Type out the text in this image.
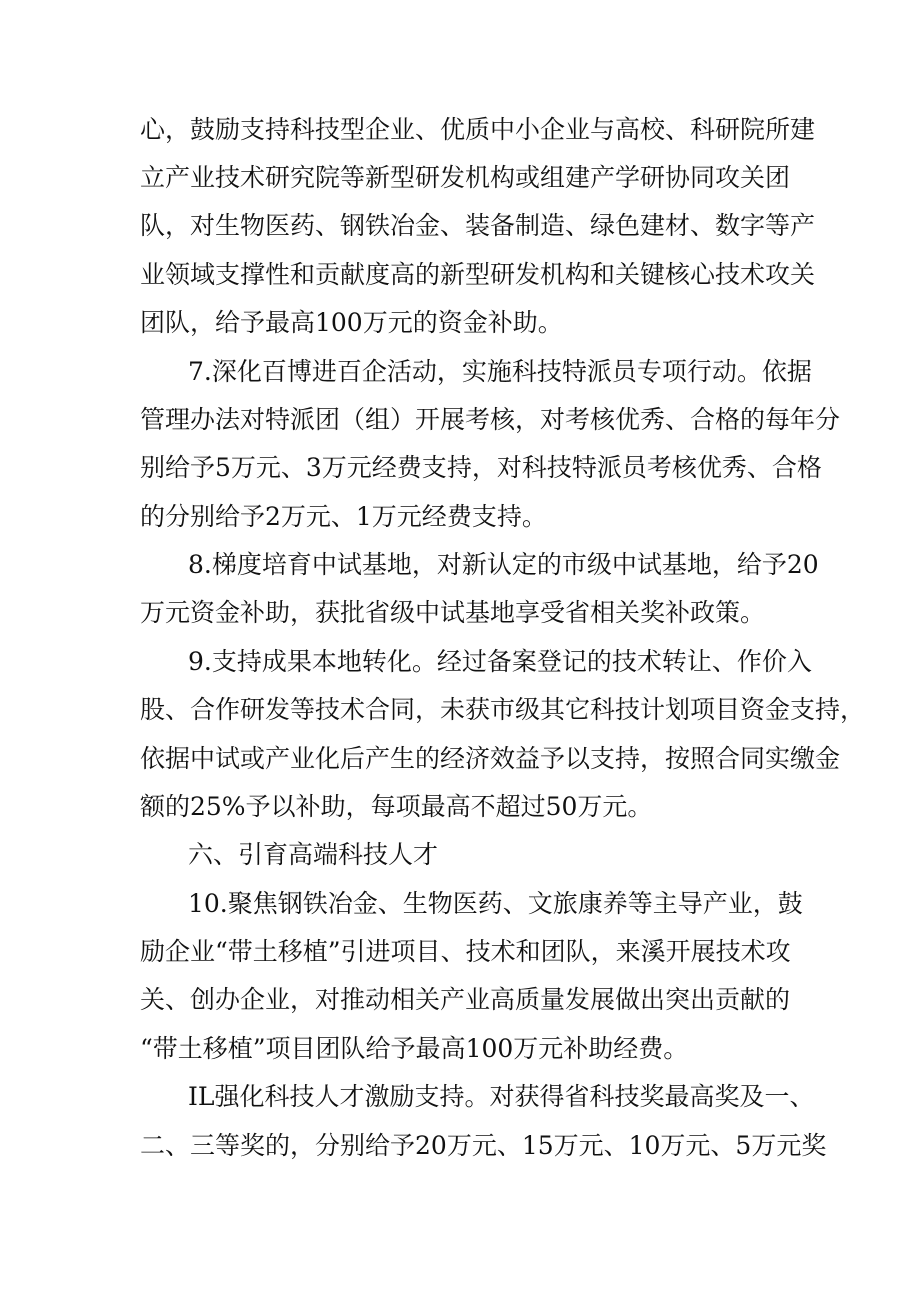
心，鼓励支持科技型企业、优质中小企业与高校、科研院所建
立产业技术研究院等新型研发机构或组建产学研协同攻关团
队，对生物医药、钢铁冶金、装备制造、绿色建材、数字等产
业领域支撑性和贡献度高的新型研发机构和关键核心技术攻关
团队，给予最高100万元的资金补助。
7.深化百博进百企活动，实施科技特派员专项行动。依据
管理办法对特派团（组）开展考核，对考核优秀、合格的每年分
别给予5万元、3万元经费支持，对科技特派员考核优秀、合格
的分别给予2万元、1万元经费支持。
8.梯度培育中试基地，对新认定的市级中试基地，给予20
万元资金补助，获批省级中试基地享受省相关奖补政策。
9.支持成果本地转化。经过备案登记的技术转让、作价入
股、合作研发等技术合同，未获市级其它科技计划项目资金支持，
依据中试或产业化后产生的经济效益予以支持，按照合同实缴金
额的25%予以补助，每项最高不超过50万元。
六、引育高端科技人才
10.聚焦钢铁冶金、生物医药、文旅康养等主导产业，鼓
励企业“带土移植”引进项目、技术和团队，来溪开展技术攻
关、创办企业，对推动相关产业高质量发展做出突出贡献的
“带土移植”项目团队给予最高100万元补助经费。
IL强化科技人才激励支持。对获得省科技奖最高奖及一、
二、三等奖的，分别给予20万元、15万元、10万元、5万元奖
